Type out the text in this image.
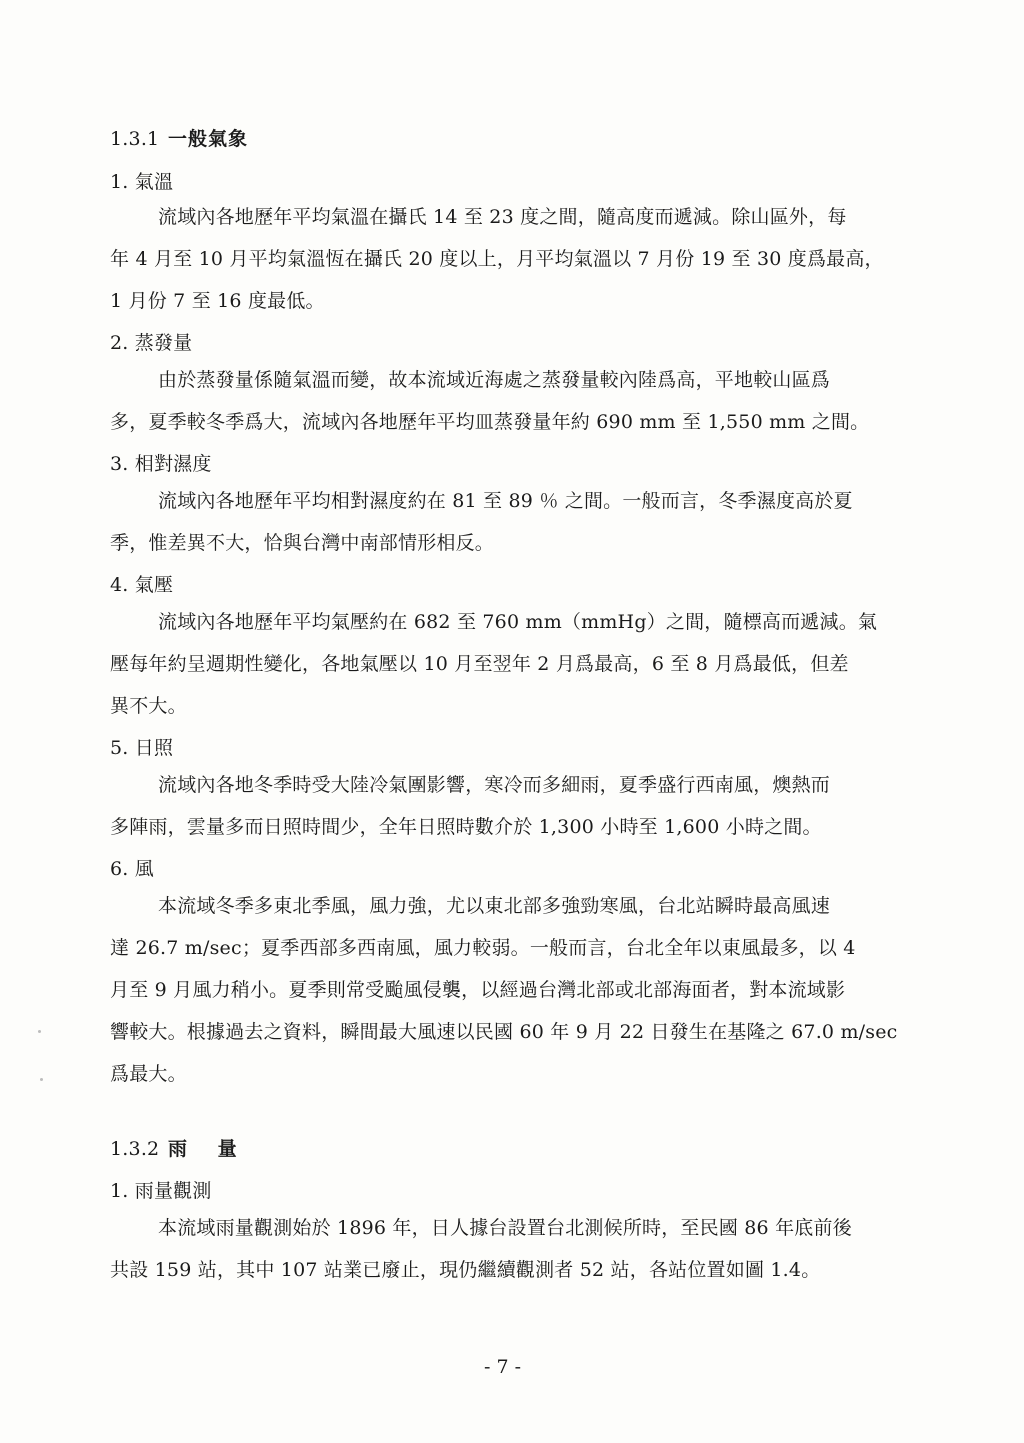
1.3.1 一般氣象
1. 氣溫
流域內各地歷年平均氣溫在攝氏 14 至 23 度之間，隨高度而遞減。除山區外，每
年 4 月至 10 月平均氣溫恆在攝氏 20 度以上，月平均氣溫以 7 月份 19 至 30 度爲最高，
1 月份 7 至 16 度最低。
2. 蒸發量
由於蒸發量係隨氣溫而變，故本流域近海處之蒸發量較內陸爲高，平地較山區爲
多，夏季較冬季爲大，流域內各地歷年平均皿蒸發量年約 690 mm 至 1,550 mm 之間。
3. 相對濕度
流域內各地歷年平均相對濕度約在 81 至 89 ％ 之間。一般而言，冬季濕度高於夏
季，惟差異不大，恰與台灣中南部情形相反。
4. 氣壓
流域內各地歷年平均氣壓約在 682 至 760 mm（mmHg）之間，隨標高而遞減。氣
壓每年約呈週期性變化，各地氣壓以 10 月至翌年 2 月爲最高，6 至 8 月爲最低，但差
異不大。
5. 日照
流域內各地冬季時受大陸冷氣團影響，寒冷而多細雨，夏季盛行西南風，燠熱而
多陣雨，雲量多而日照時間少，全年日照時數介於 1,300 小時至 1,600 小時之間。
6. 風
本流域冬季多東北季風，風力強，尤以東北部多強勁寒風，台北站瞬時最高風速
達 26.7 m/sec；夏季西部多西南風，風力較弱。一般而言，台北全年以東風最多，以 4
月至 9 月風力稍小。夏季則常受颱風侵襲，以經過台灣北部或北部海面者，對本流域影
響較大。根據過去之資料，瞬間最大風速以民國 60 年 9 月 22 日發生在基隆之 67.0 m/sec
爲最大。
1.3.2 雨 量
1. 雨量觀測
本流域雨量觀測始於 1896 年，日人據台設置台北測候所時，至民國 86 年底前後
共設 159 站，其中 107 站業已廢止，現仍繼續觀測者 52 站，各站位置如圖 1.4。
- 7 -
